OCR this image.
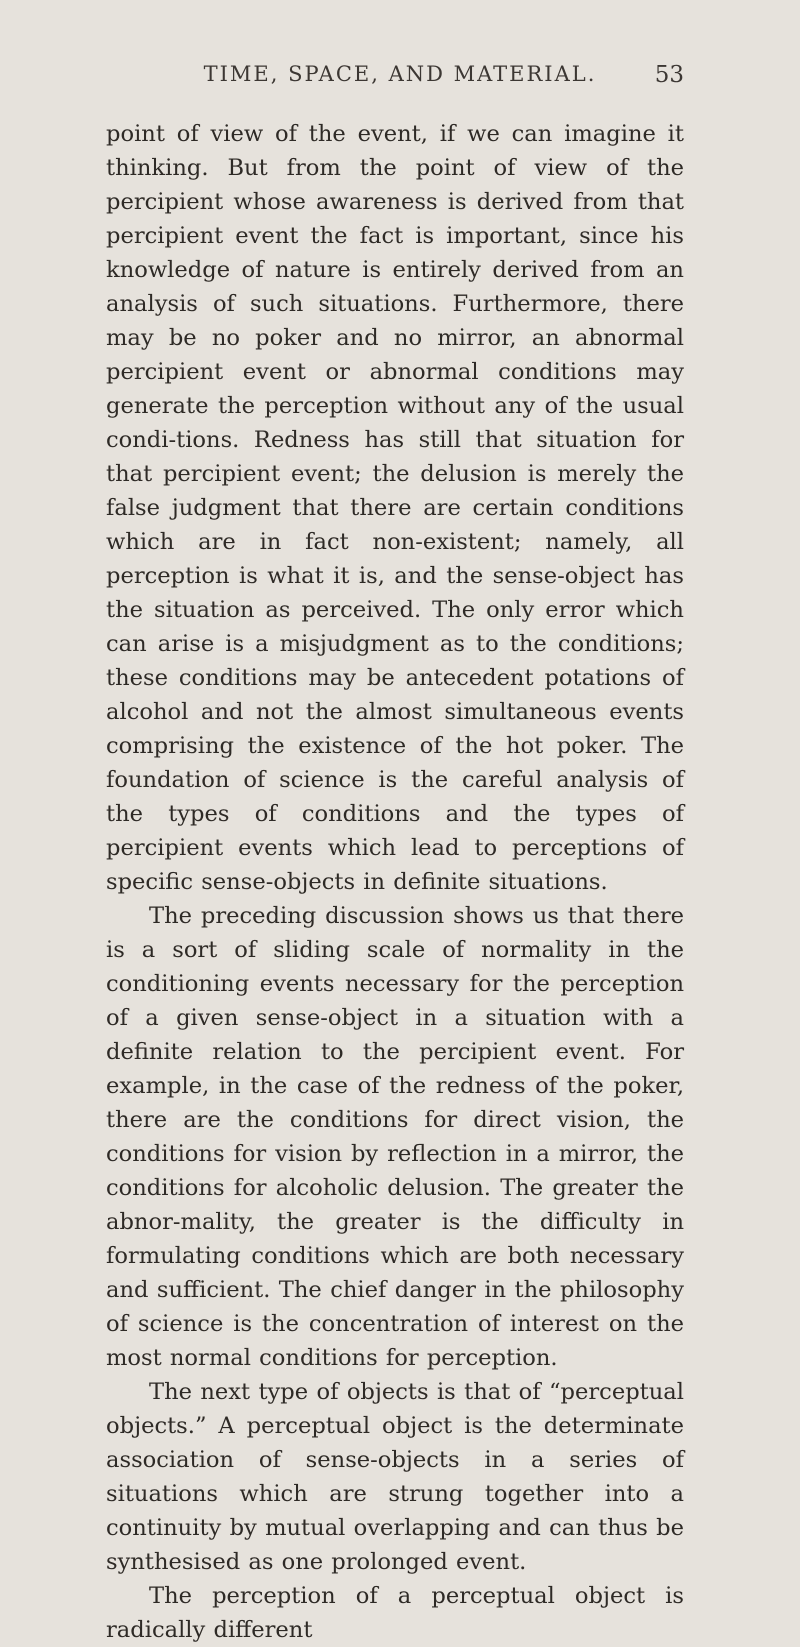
TIME, SPACE, AND MATERIAL.	53

point of view of the event, if we can imagine it thinking. But from the point of view of the percipient whose awareness is derived from that percipient event the fact is important, since his knowledge of nature is entirely derived from an analysis of such situations. Furthermore, there may be no poker and no mirror, an abnormal percipient event or abnormal conditions may generate the perception without any of the usual condi-tions. Redness has still that situation for that percipient event; the delusion is merely the false judgment that there are certain conditions which are in fact non-existent; namely, all perception is what it is, and the sense-object has the situation as perceived. The only error which can arise is a misjudgment as to the conditions; these conditions may be antecedent potations of alcohol and not the almost simultaneous events comprising the existence of the hot poker. The foundation of science is the careful analysis of the types of conditions and the types of percipient events which lead to perceptions of specific sense-objects in definite situations.

The preceding discussion shows us that there is a sort of sliding scale of normality in the conditioning events necessary for the perception of a given sense-object in a situation with a definite relation to the percipient event. For example, in the case of the redness of the poker, there are the conditions for direct vision, the conditions for vision by reflection in a mirror, the conditions for alcoholic delusion. The greater the abnor-mality, the greater is the difficulty in formulating conditions which are both necessary and sufficient. The chief danger in the philosophy of science is the concentration of interest on the most normal conditions for perception.

The next type of objects is that of “perceptual objects.” A perceptual object is the determinate association of sense-objects in a series of situations which are strung together into a continuity by mutual overlapping and can thus be synthesised as one prolonged event.

The perception of a perceptual object is radically different
